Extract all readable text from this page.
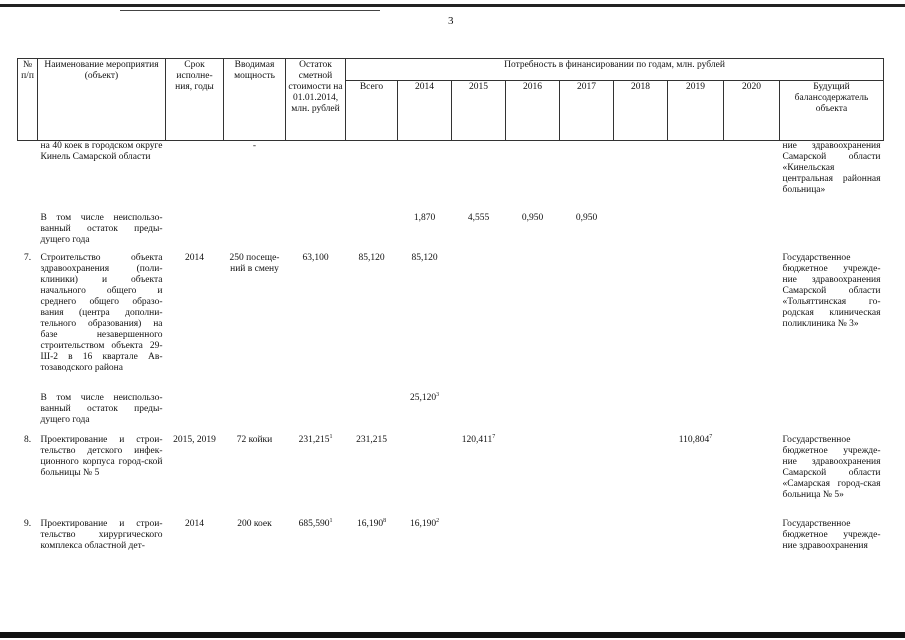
3
№ п/п	Наименование мероприятия (объект)	Срок исполне-ния, годы	Вводимая мощность	Остаток сметной стоимости на 01.01.2014, млн. рублей	Потребность в финансировании по годам, млн. рублей								
					Всего	2014	2015	2016	2017	2018	2019	2020	Будущий балансодержатель объекта
	на 40 коек в городском округе Кинель Самарской области		-										ние здравоохранения Самарской области «Кинельская центральная районная больница»
	В том числе неиспользо-ванный остаток преды-дущего года					1,870	4,555	0,950	0,950				
7.	Строительство объекта здравоохранения (поли-клиники) и объекта начального общего и среднего общего образо-вания (центра дополни-тельного образования) на базе незавершенного строительством объекта 29-Ш-2 в 16 квартале Ав-тозаводского района	2014	250 посеще-ний в смену	63,100	85,120	85,120							Государственное бюджетное учрежде-ние здравоохранения Самарской области «Тольяттинская го-родская клиническая поликлиника № 3»
	В том числе неиспользо-ванный остаток преды-дущего года					25,120$^3$							
8.	Проектирование и строи-тельство детского инфек-ционного корпуса город-ской больницы № 5	2015, 2019	72 койки	231,215$^1$	231,215		120,411$^7$				110,804$^7$		Государственное бюджетное учрежде-ние здравоохранения Самарской области «Самарская город-ская больница № 5»
9.	Проектирование и строи-тельство хирургического комплекса областной дет-	2014	200 коек	685,590$^1$	16,190$^8$	16,190$^2$							Государственное бюджетное учрежде-ние здравоохранения
